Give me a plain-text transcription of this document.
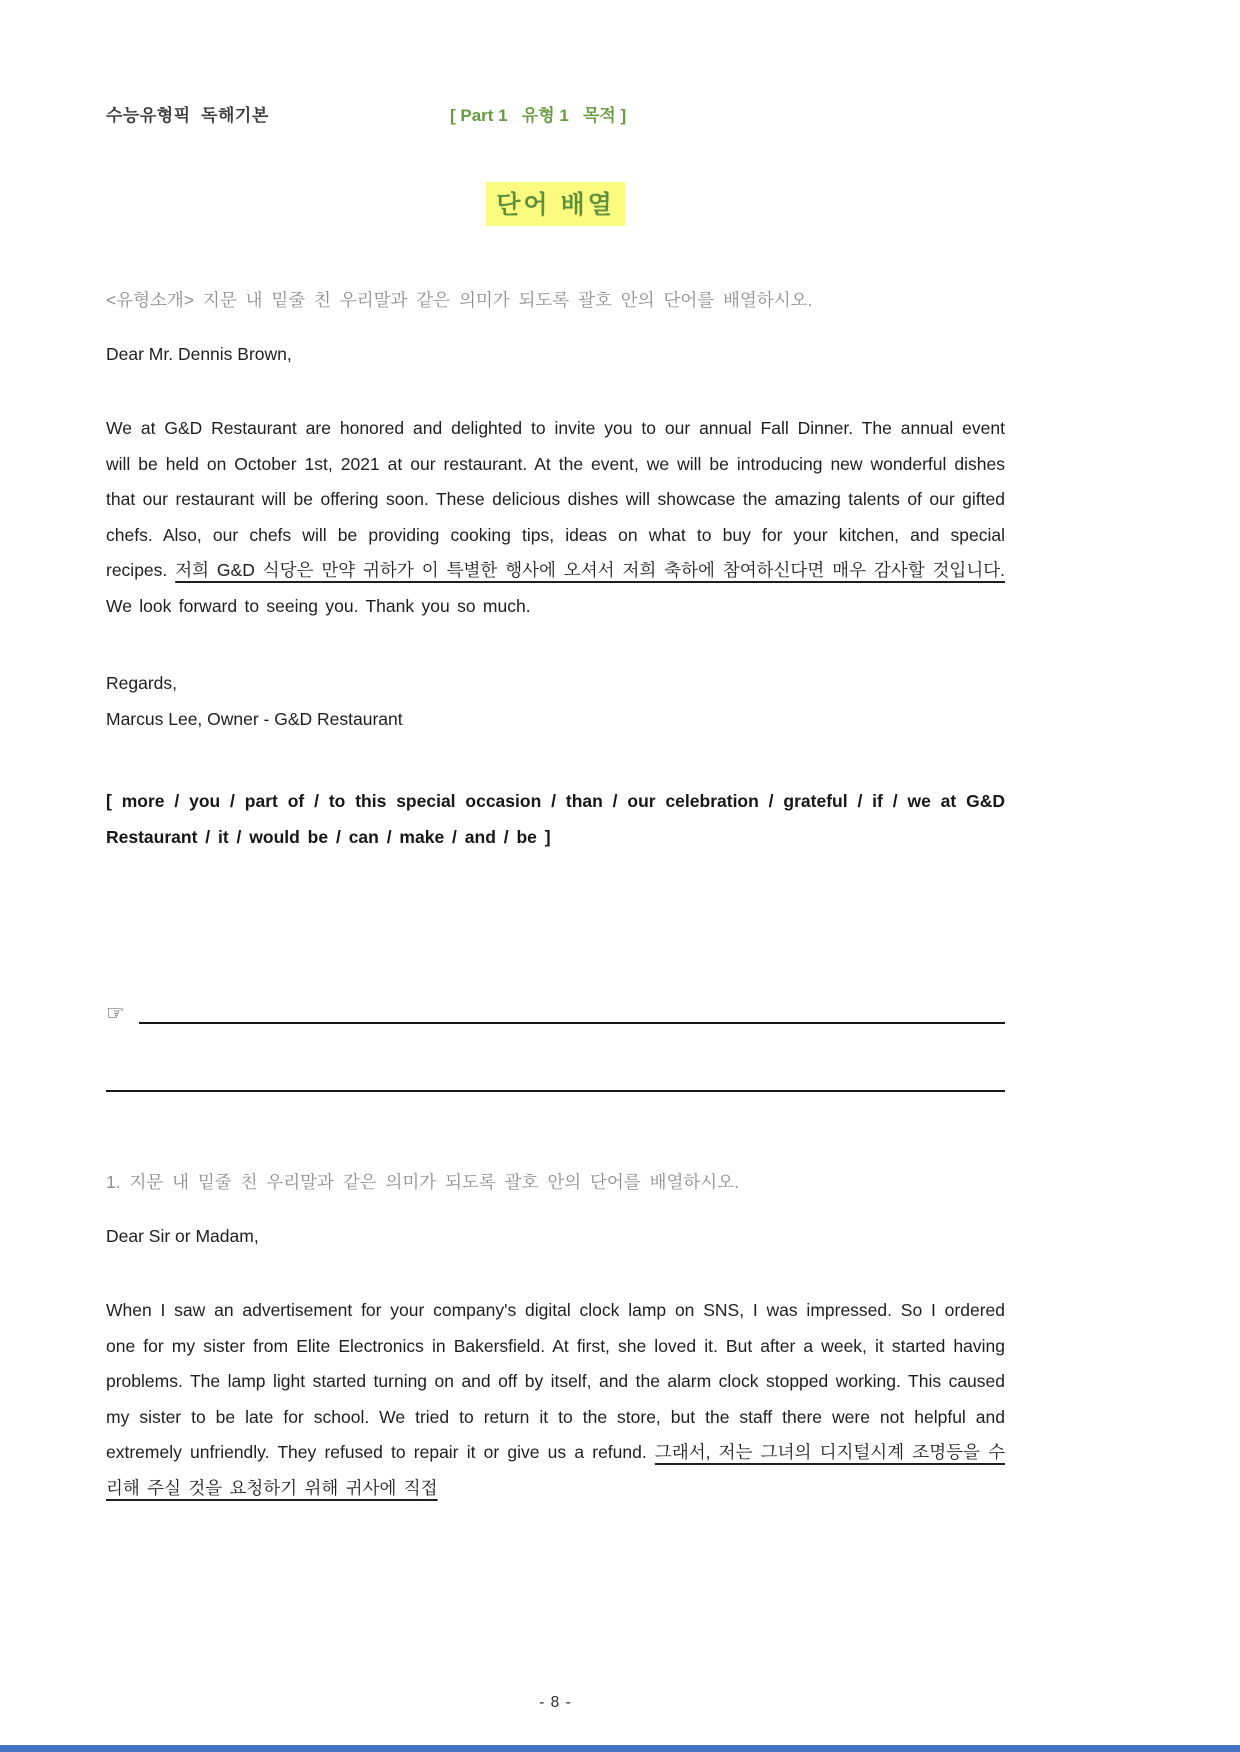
수능유형픽  독해기본	[ Part 1   유형 1   목적 ]
단어 배열
<유형소개> 지문 내 밑줄 친 우리말과 같은 의미가 되도록 괄호 안의 단어를 배열하시오.
Dear Mr. Dennis Brown,

We at G&D Restaurant are honored and delighted to invite you to our annual Fall Dinner. The annual event will be held on October 1st, 2021 at our restaurant. At the event, we will be introducing new wonderful dishes that our restaurant will be offering soon. These delicious dishes will showcase the amazing talents of our gifted chefs. Also, our chefs will be providing cooking tips, ideas on what to buy for your kitchen, and special recipes. 저희 G&D 식당은 만약 귀하가 이 특별한 행사에 오셔서 저희 축하에 참여하신다면 매우 감사할 것입니다. We look forward to seeing you. Thank you so much.

Regards,
Marcus Lee, Owner - G&D Restaurant
[ more / you / part of / to this special occasion / than / our celebration / grateful / if / we at G&D Restaurant / it / would be / can / make / and / be ]
☞
1. 지문 내 밑줄 친 우리말과 같은 의미가 되도록 괄호 안의 단어를 배열하시오.
Dear Sir or Madam,

When I saw an advertisement for your company's digital clock lamp on SNS, I was impressed. So I ordered one for my sister from Elite Electronics in Bakersfield. At first, she loved it. But after a week, it started having problems. The lamp light started turning on and off by itself, and the alarm clock stopped working. This caused my sister to be late for school. We tried to return it to the store, but the staff there were not helpful and extremely unfriendly. They refused to repair it or give us a refund. 그래서, 저는 그녀의 디지털시계 조명등을 수리해 주실 것을 요청하기 위해 귀사에 직접

- 8 -
